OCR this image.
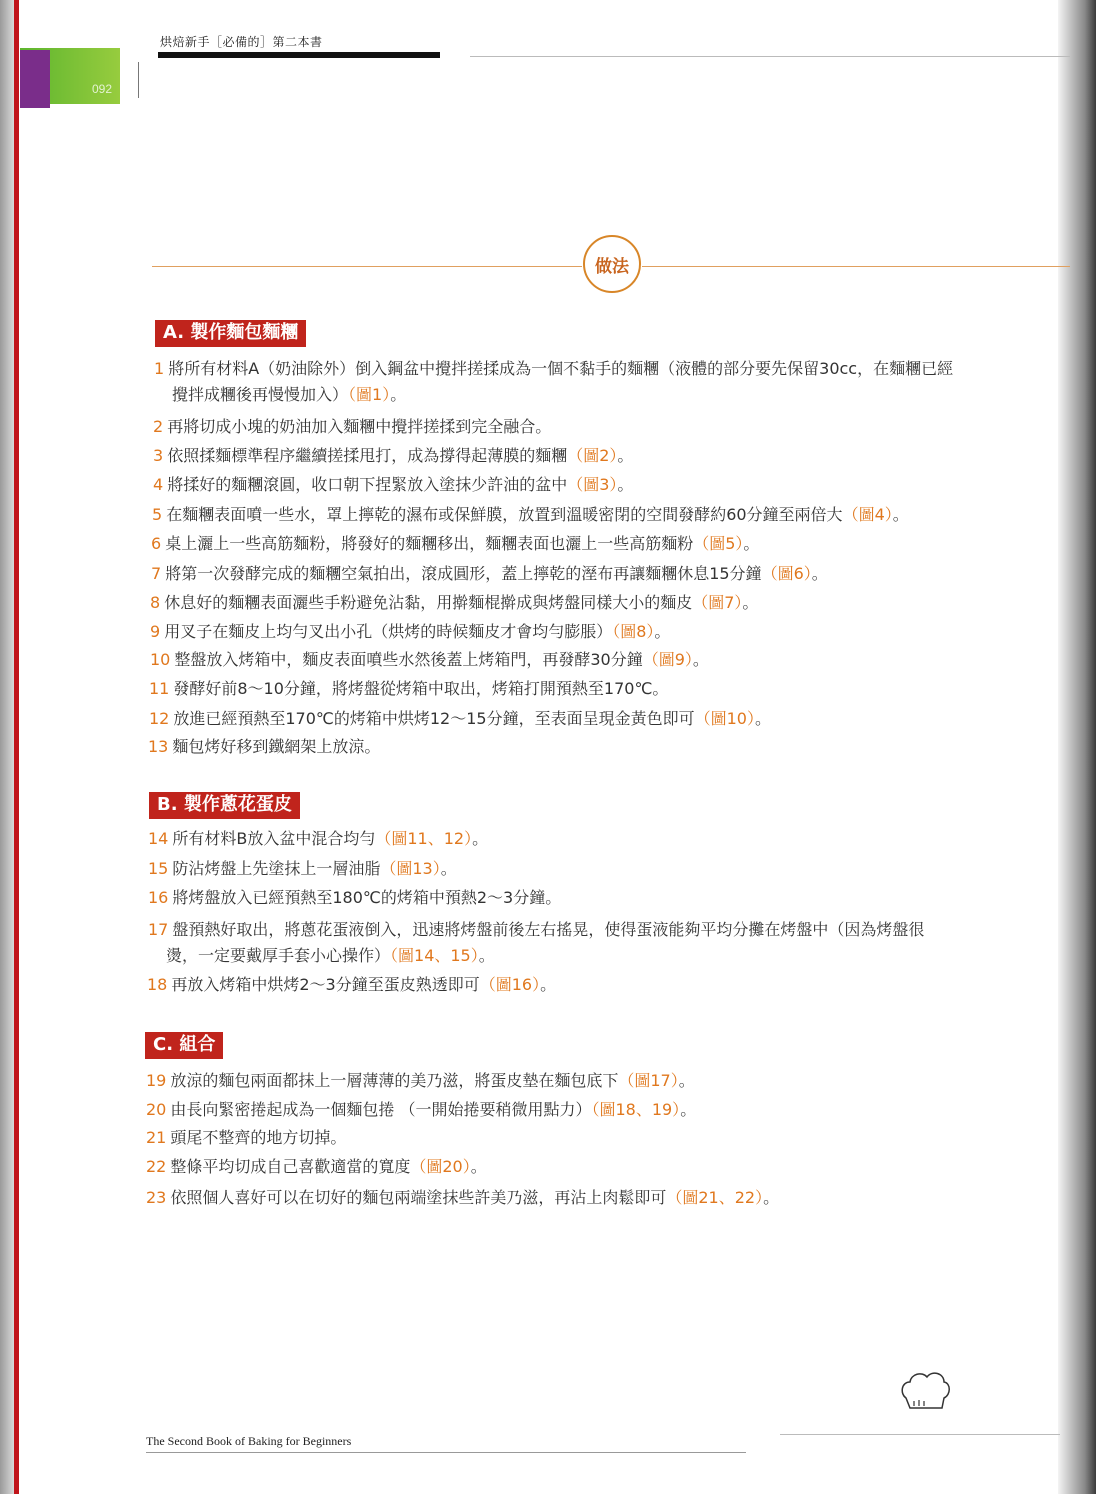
092
烘焙新手［必備的］第二本書
做法
A. 製作麵包麵糰
B. 製作蔥花蛋皮
C. 組合
1 將所有材料A（奶油除外）倒入鋼盆中攪拌搓揉成為一個不黏手的麵糰（液體的部分要先保留30cc，在麵糰已經
攪拌成糰後再慢慢加入）（圖1）。
2 再將切成小塊的奶油加入麵糰中攪拌搓揉到完全融合。
3 依照揉麵標準程序繼續搓揉甩打，成為撐得起薄膜的麵糰（圖2）。
4 將揉好的麵糰滾圓，收口朝下捏緊放入塗抹少許油的盆中（圖3）。
5 在麵糰表面噴一些水，罩上擰乾的濕布或保鮮膜，放置到溫暖密閉的空間發酵約60分鐘至兩倍大（圖4）。
6 桌上灑上一些高筋麵粉，將發好的麵糰移出，麵糰表面也灑上一些高筋麵粉（圖5）。
7 將第一次發酵完成的麵糰空氣拍出，滾成圓形，蓋上擰乾的溼布再讓麵糰休息15分鐘（圖6）。
8 休息好的麵糰表面灑些手粉避免沾黏，用擀麵棍擀成與烤盤同樣大小的麵皮（圖7）。
9 用叉子在麵皮上均勻叉出小孔（烘烤的時候麵皮才會均勻膨脹）（圖8）。
10 整盤放入烤箱中，麵皮表面噴些水然後蓋上烤箱門，再發酵30分鐘（圖9）。
11 發酵好前8～10分鐘，將烤盤從烤箱中取出，烤箱打開預熱至170℃。
12 放進已經預熱至170℃的烤箱中烘烤12～15分鐘，至表面呈現金黃色即可（圖10）。
13 麵包烤好移到鐵網架上放涼。
14 所有材料B放入盆中混合均勻（圖11、12）。
15 防沾烤盤上先塗抹上一層油脂（圖13）。
16 將烤盤放入已經預熱至180℃的烤箱中預熱2～3分鐘。
17 盤預熱好取出，將蔥花蛋液倒入，迅速將烤盤前後左右搖晃，使得蛋液能夠平均分攤在烤盤中（因為烤盤很
燙，一定要戴厚手套小心操作）（圖14、15）。
18 再放入烤箱中烘烤2～3分鐘至蛋皮熟透即可（圖16）。
19 放涼的麵包兩面都抹上一層薄薄的美乃滋，將蛋皮墊在麵包底下（圖17）。
20 由長向緊密捲起成為一個麵包捲 （一開始捲要稍微用點力）（圖18、19）。
21 頭尾不整齊的地方切掉。
22 整條平均切成自己喜歡適當的寬度（圖20）。
23 依照個人喜好可以在切好的麵包兩端塗抹些許美乃滋，再沾上肉鬆即可（圖21、22）。
The Second Book of Baking for Beginners
